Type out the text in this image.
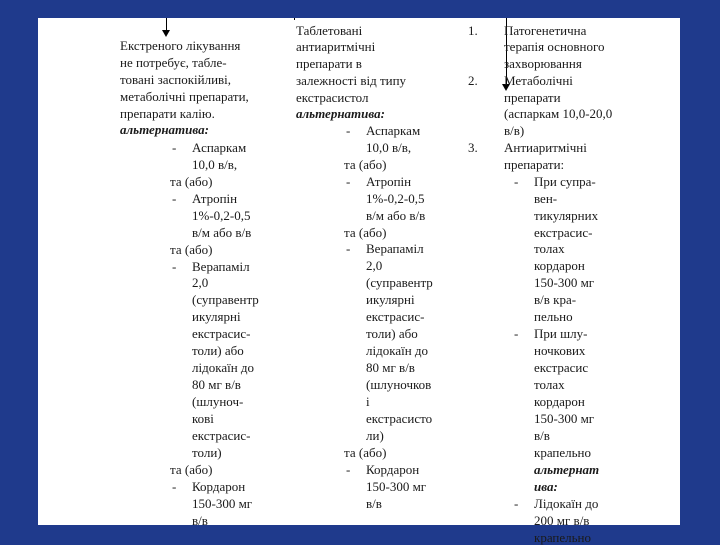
Екстреного лікування
не потребує, табле-
товані заспокійливі,
метаболічні препарати,
препарати калію.
альтернатива:
- Аспаркам
10,0 в/в,
та (або)
- Атропін
1%-0,2-0,5
в/м або в/в
та (або)
- Верапаміл
2,0
(суправентр
икулярні
екстрасис-
толи) або
лідокаїн до
80 мг в/в
(шлуноч-
кові
екстрасис-
толи)
та (або)
- Кордарон
150-300 мг
в/в
Таблетовані
антиаритмічні
препарати в
залежності від типу
екстрасистол
альтернатива:
- Аспаркам
10,0 в/в,
та (або)
- Атропін
1%-0,2-0,5
в/м або в/в
та (або)
- Верапаміл
2,0
(суправентр
икулярні
екстрасис-
толи) або
лідокаїн до
80 мг в/в
(шлуночков
і
екстрасисто
ли)
та (або)
- Кордарон
150-300 мг
в/в
1. Патогенетична
терапія основного
захворювання
2. Метаболічні
препарати
(аспаркам 10,0-20,0
в/в)
3. Антиаритмічні
препарати:
- При супра-
вен-
тикулярних
екстрасис-
толах
кордарон
150-300 мг
в/в кра-
пельно
- При шлу-
ночкових
екстрасис
толах
кордарон
150-300 мг
в/в
крапельно
альтернат
ива:
- Лідокаїн до
200 мг в/в
крапельно
